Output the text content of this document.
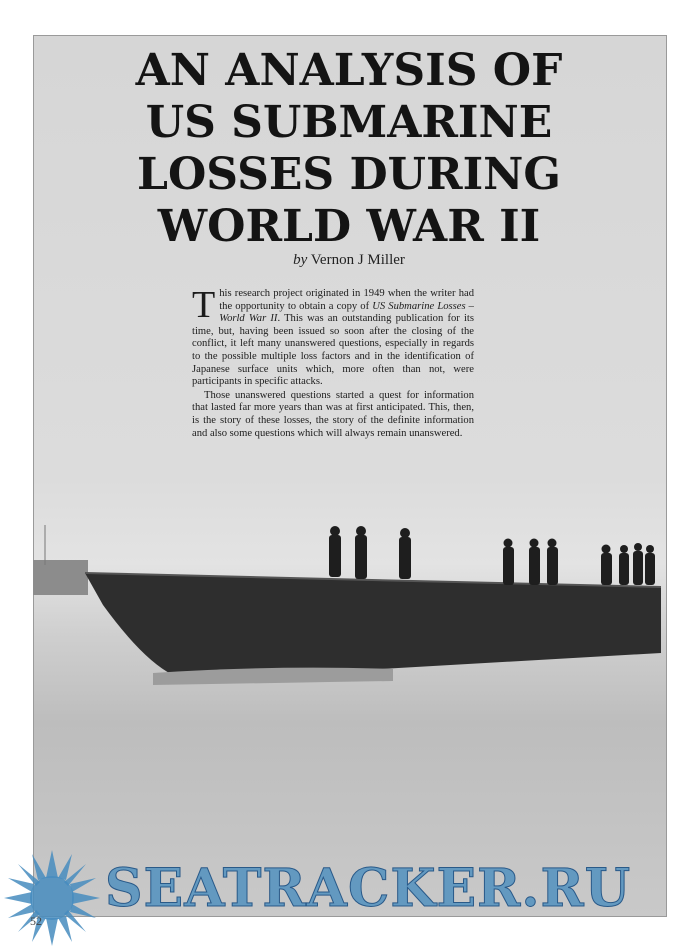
AN ANALYSIS OF
US SUBMARINE
LOSSES DURING
WORLD WAR II
by Vernon J Miller

This research project originated in 1949 when the writer had the opportunity to obtain a copy of US Submarine Losses – World War II. This was an outstanding publication for its time, but, having been issued so soon after the closing of the conflict, it left many unanswered questions, especially in regards to the possible multiple loss factors and in the identification of Japanese surface units which, more often than not, were participants in specific attacks.

Those unanswered questions started a quest for information that lasted far more years than was at first anticipated. This, then, is the story of these losses, the story of the definite information and also some questions which will always remain unanswered.

SEATRACKER.RU
52
